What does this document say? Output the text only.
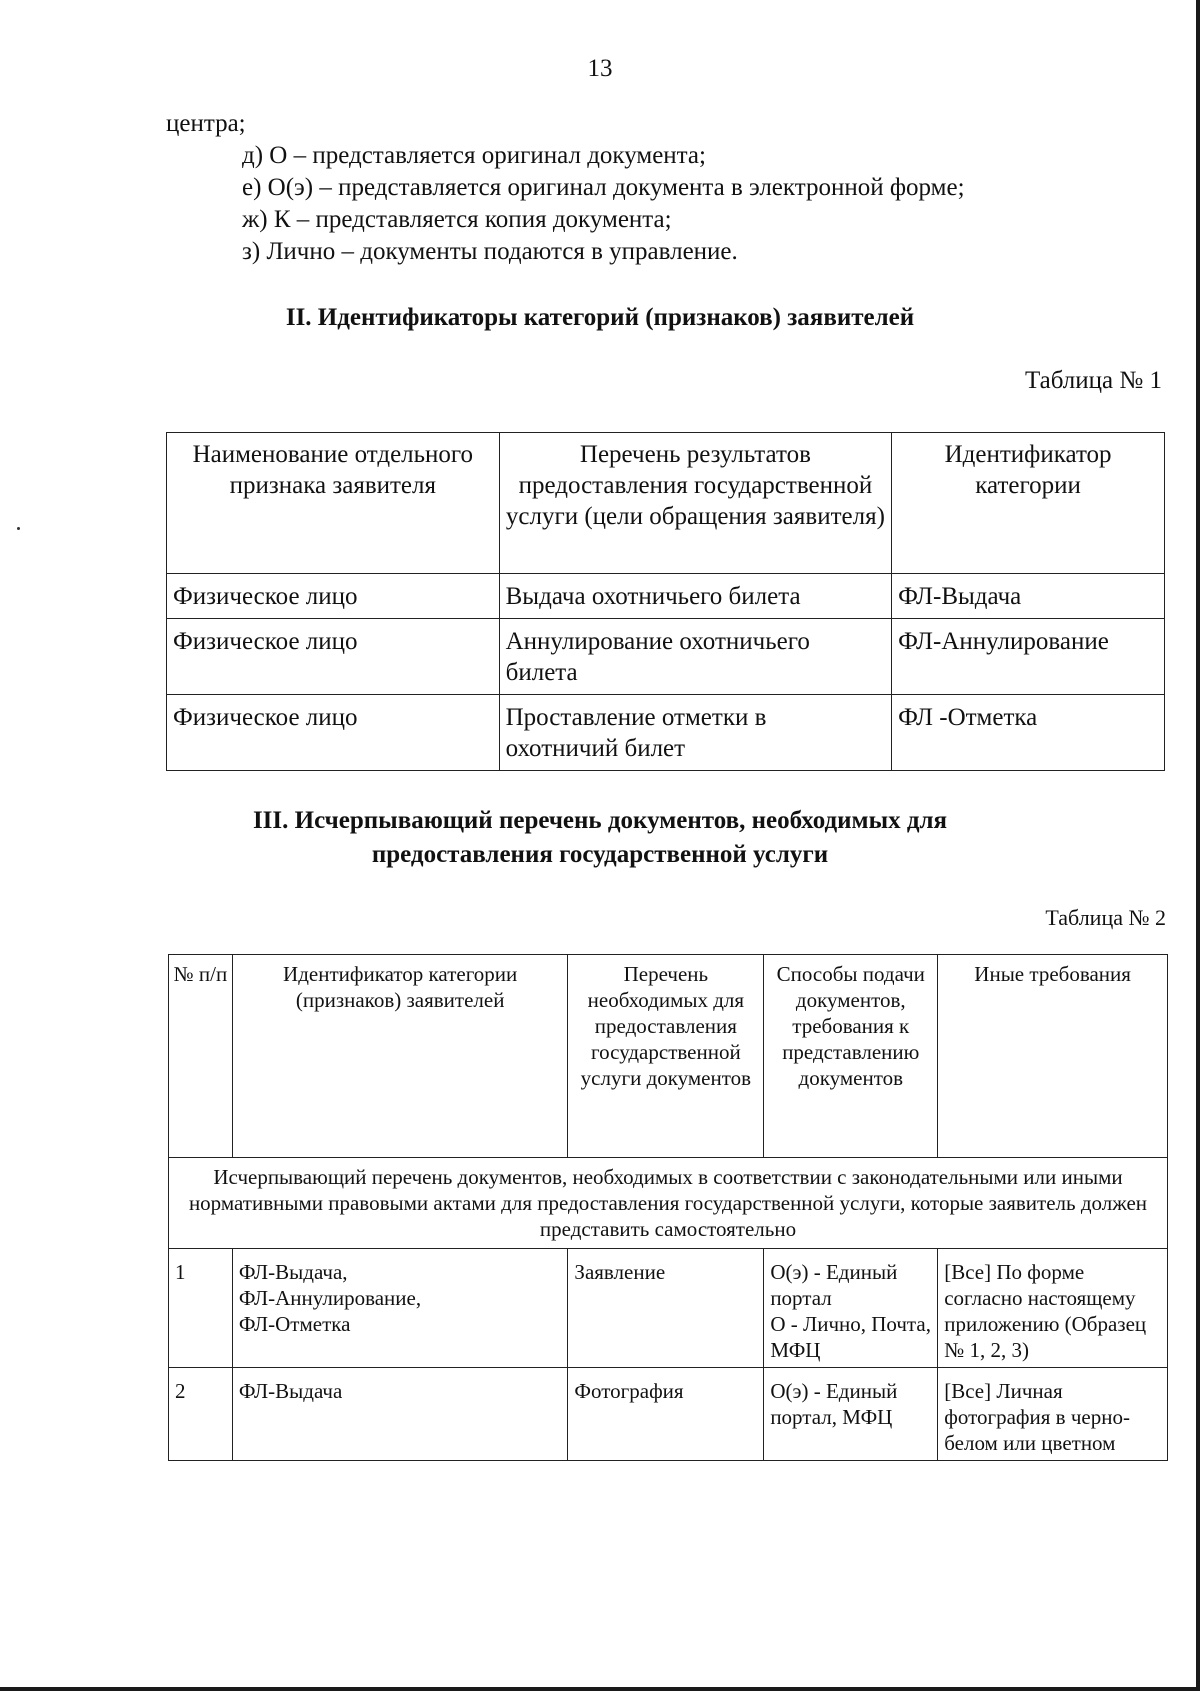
13
центра;
д) О – представляется оригинал документа;
е) О(э) – представляется оригинал документа в электронной форме;
ж) К – представляется копия документа;
з) Лично – документы подаются в управление.
II. Идентификаторы категорий (признаков) заявителей
Таблица № 1
Наименование отдельного признака заявителя	Перечень результатов предоставления государственной услуги (цели обращения заявителя)	Идентификатор категории
Физическое лицо	Выдача охотничьего билета	ФЛ-Выдача
Физическое лицо	Аннулирование охотничьего билета	ФЛ-Аннулирование
Физическое лицо	Проставление отметки в охотничий билет	ФЛ -Отметка
III. Исчерпывающий перечень документов, необходимых для
предоставления государственной услуги
Таблица № 2
№ п/п	Идентификатор категории (признаков) заявителей	Перечень необходимых для предоставления государственной услуги документов	Способы подачи документов, требования к представлению документов	Иные требования
Исчерпывающий перечень документов, необходимых в соответствии с законодательными или иными нормативными правовыми актами для предоставления государственной услуги, которые заявитель должен представить самостоятельно				
1	ФЛ-Выдача,
ФЛ-Аннулирование,
ФЛ-Отметка	Заявление	О(э) - Единый портал
О - Лично, Почта, МФЦ	[Все] По форме согласно настоящему приложению (Образец № 1, 2, 3)
2	ФЛ-Выдача	Фотография	О(э) - Единый портал, МФЦ	[Все] Личная фотография в черно-белом или цветном
